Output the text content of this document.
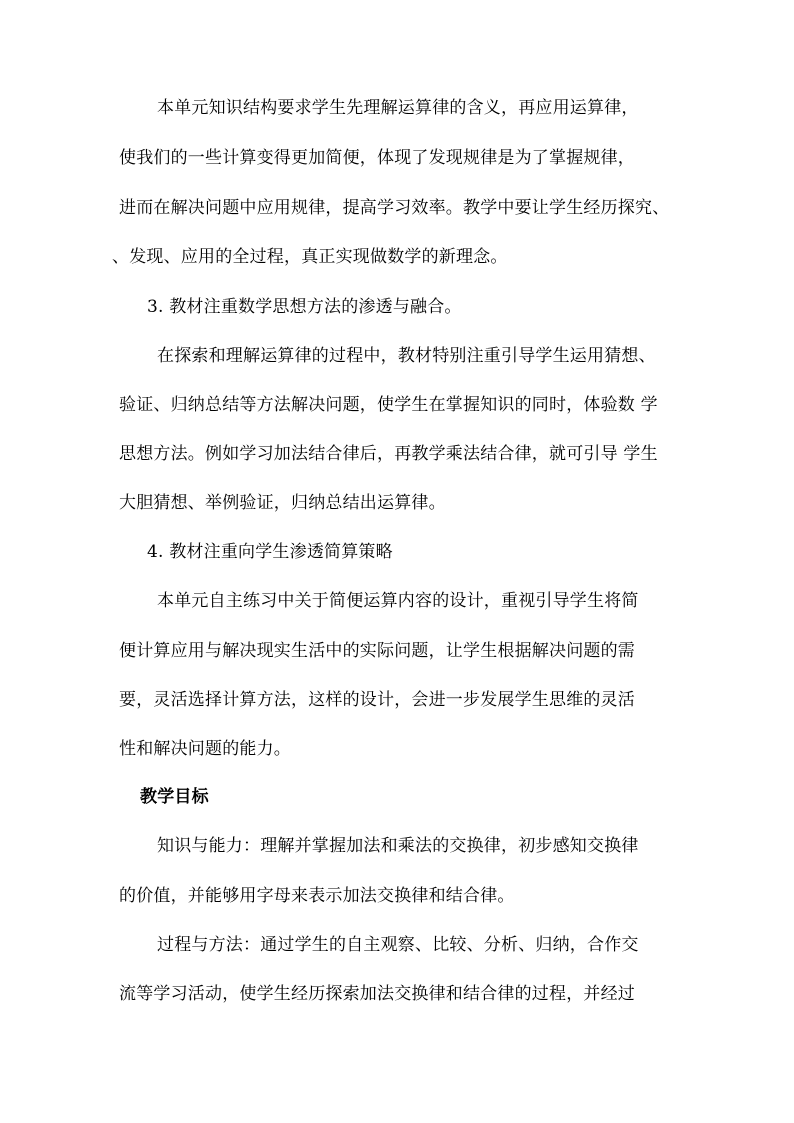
本单元知识结构要求学生先理解运算律的含义，再应用运算律，
使我们的一些计算变得更加简便，体现了发现规律是为了掌握规律，
进而在解决问题中应用规律，提高学习效率。教学中要让学生经历探究、
、发现、应用的全过程，真正实现做数学的新理念。
3. 教材注重数学思想方法的渗透与融合。
在探索和理解运算律的过程中，教材特别注重引导学生运用猜想、
验证、归纳总结等方法解决问题，使学生在掌握知识的同时，体验数 学
思想方法。例如学习加法结合律后，再教学乘法结合律，就可引导 学生
大胆猜想、举例验证，归纳总结出运算律。
4. 教材注重向学生渗透简算策略
本单元自主练习中关于简便运算内容的设计，重视引导学生将简
便计算应用与解决现实生活中的实际问题，让学生根据解决问题的需
要，灵活选择计算方法，这样的设计，会进一步发展学生思维的灵活
性和解决问题的能力。
教学目标
知识与能力：理解并掌握加法和乘法的交换律，初步感知交换律
的价值，并能够用字母来表示加法交换律和结合律。
过程与方法：通过学生的自主观察、比较、分析、归纳，合作交
流等学习活动，使学生经历探索加法交换律和结合律的过程，并经过
